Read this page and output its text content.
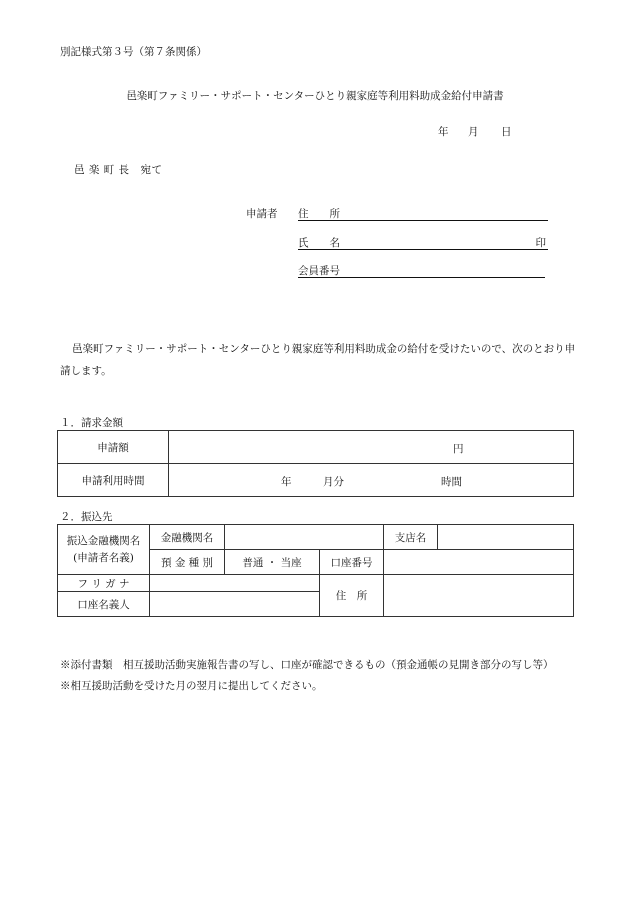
別記様式第３号（第７条関係）
邑楽町ファミリー・サポート・センターひとり親家庭等利用料助成金給付申請書
年 月 日
邑 楽 町 長　宛て
申請者 住　　所
氏　　名	印
会員番号
邑楽町ファミリー・サポート・センターひとり親家庭等利用料助成金の給付を受けたいので、次のとおり申請します。
１．請求金額
申請額	円

申請利用時間	年 月分 時間
２．振込先
振込金融機関名
(申請者名義)	金融機関名			支店名	
	預 金 種 別	普通 ・ 当座	口座番号		
フ リ ガ ナ			住　所		
口座名義人					
※添付書類　相互援助活動実施報告書の写し、口座が確認できるもの（預金通帳の見開き部分の写し等）
※相互援助活動を受けた月の翌月に提出してください。
